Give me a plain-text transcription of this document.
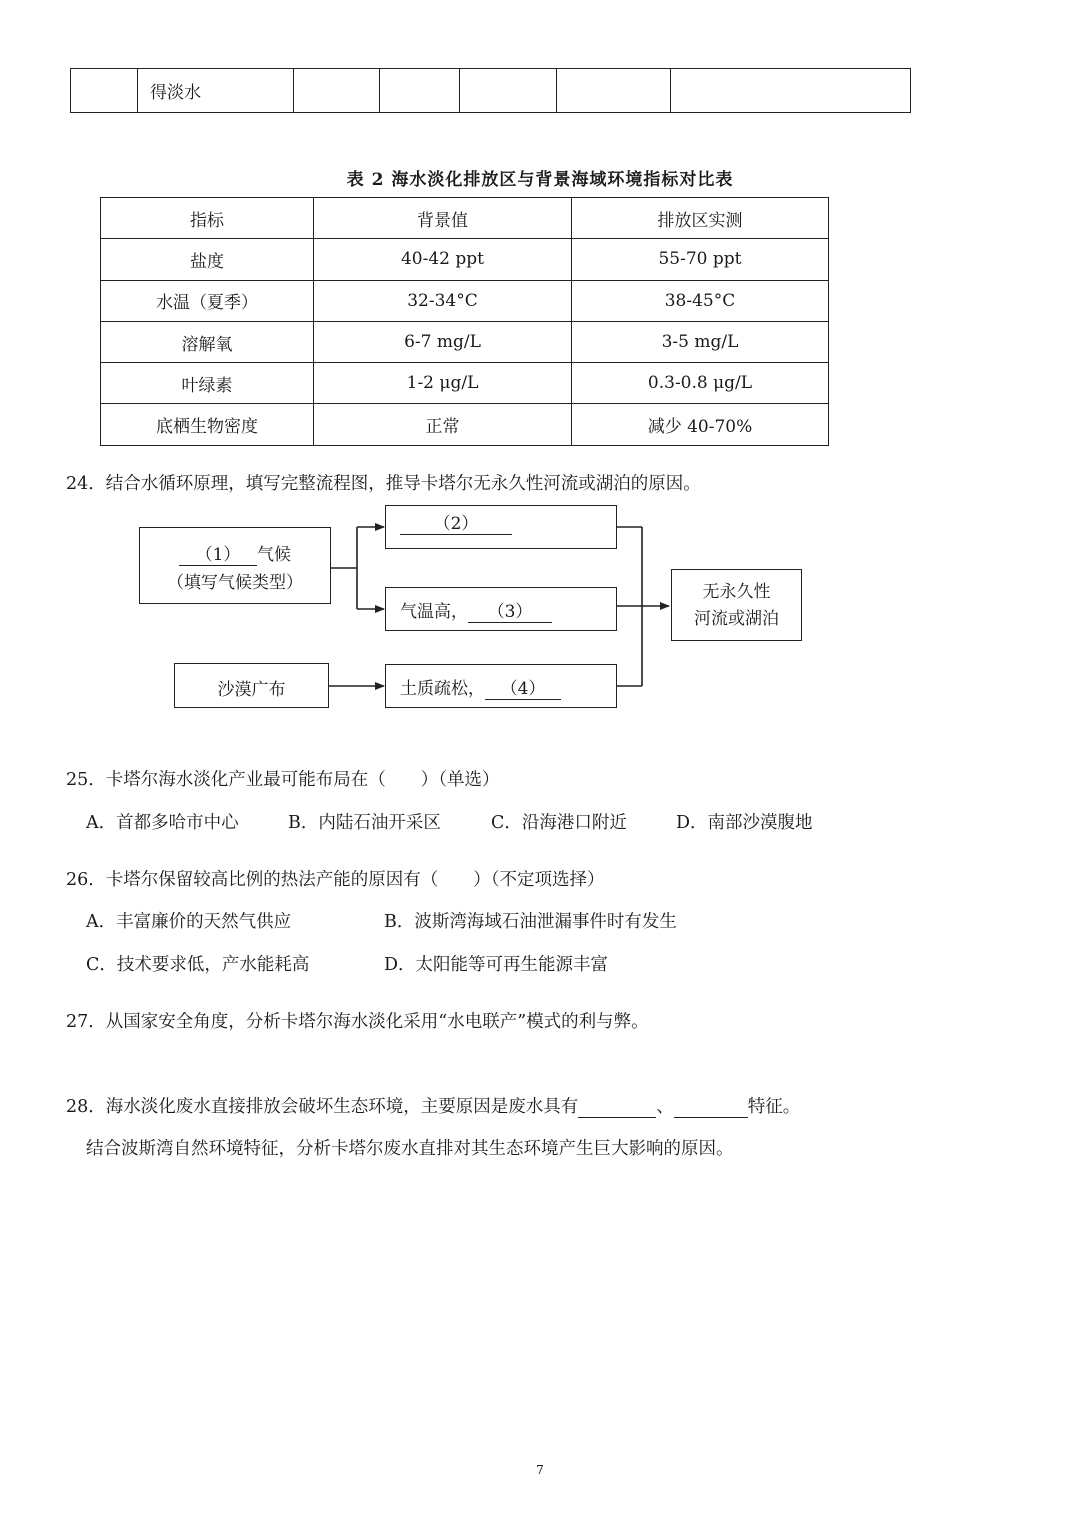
	得淡水					
表 2 海水淡化排放区与背景海域环境指标对比表
指标	背景值	排放区实测
盐度	40-42 ppt	55-70 ppt
水温（夏季）	32-34°C	38-45°C
溶解氧	6-7 mg/L	3-5 mg/L
叶绿素	1-2 μg/L	0.3-0.8 μg/L
底栖生物密度	正常	减少 40-70%
24．结合水循环原理，填写完整流程图，推导卡塔尔无永久性河流或湖泊的原因。
（1） 气候
（填写气候类型）
（2）
气温高， （3）
无永久性
河流或湖泊
沙漠广布	土质疏松， （4）
25．卡塔尔海水淡化产业最可能布局在（　　）（单选）
A．首都多哈市中心	B．内陆石油开采区	C．沿海港口附近	D．南部沙漠腹地
26．卡塔尔保留较高比例的热法产能的原因有（　　）（不定项选择）
A．丰富廉价的天然气供应	B．波斯湾海域石油泄漏事件时有发生
C．技术要求低，产水能耗高	D．太阳能等可再生能源丰富
27．从国家安全角度，分析卡塔尔海水淡化采用“水电联产”模式的利与弊。
28．海水淡化废水直接排放会破坏生态环境，主要原因是废水具有	、	特征。
结合波斯湾自然环境特征，分析卡塔尔废水直排对其生态环境产生巨大影响的原因。
7
